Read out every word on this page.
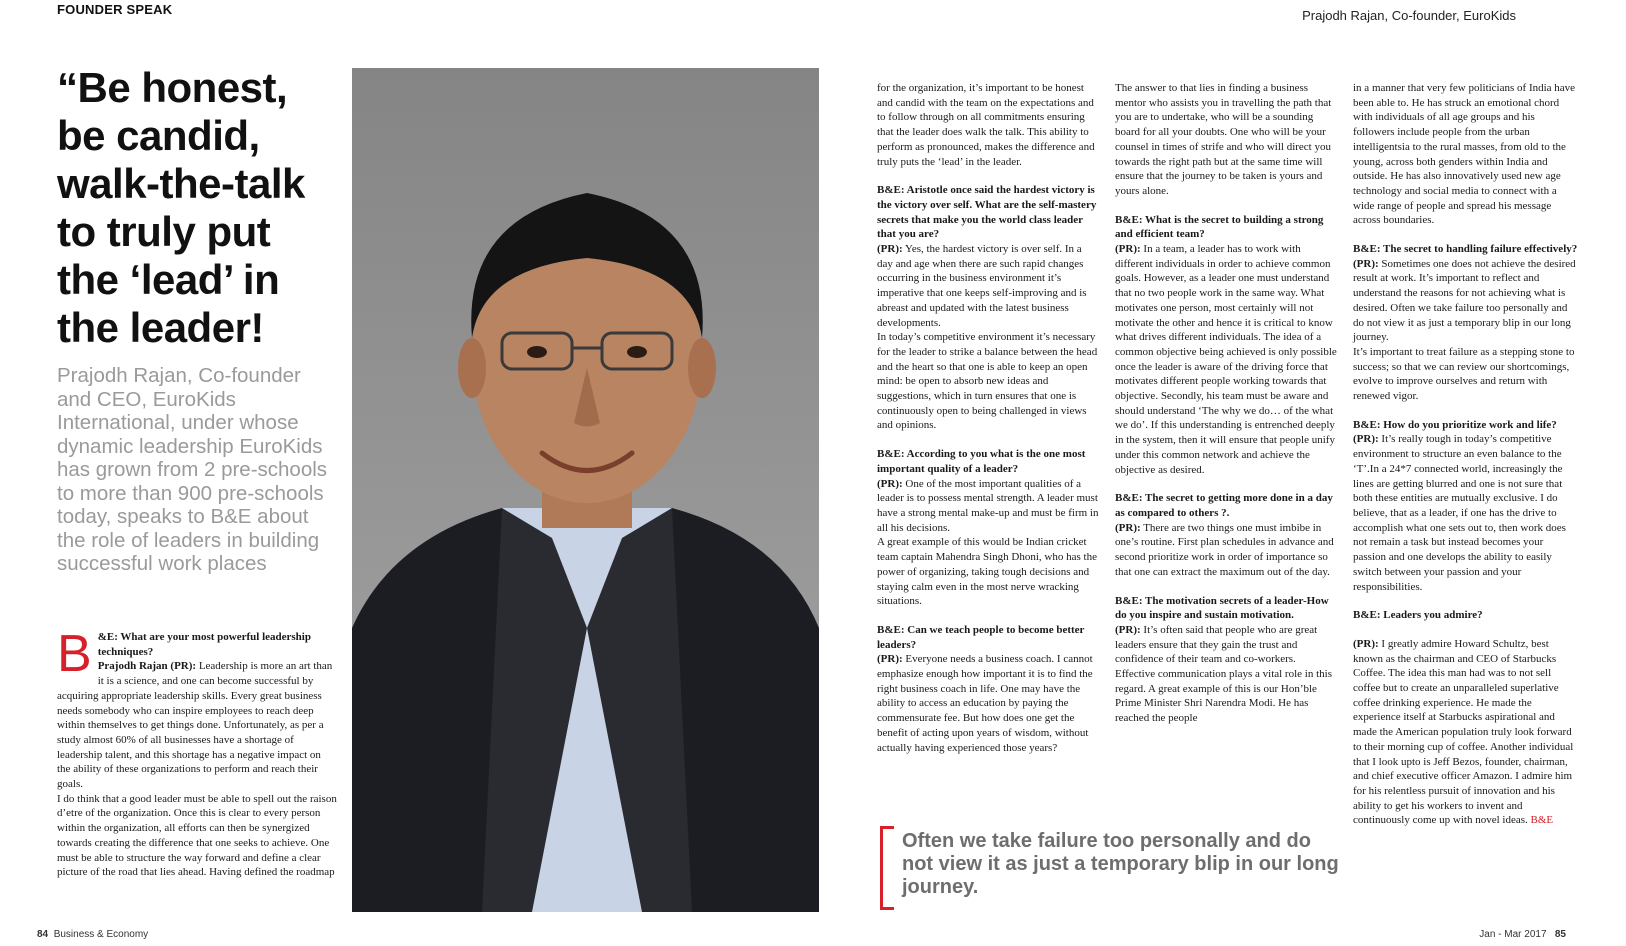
FOUNDER SPEAK	Prajodh Rajan, Co-founder, EuroKids
“Be honest, be candid, walk-the-talk to truly put the ‘lead’ in the leader!
Prajodh Rajan, Co-founder and CEO, EuroKids International, under whose dynamic leadership EuroKids has grown from 2 pre-schools to more than 900 pre-schools today, speaks to B&E about the role of leaders in building successful work places

B &E: What are your most powerful leadership techniques?
Prajodh Rajan (PR): Leadership is more an art than it is a science, and one can become successful by acquiring appropriate leadership skills. Every great business needs somebody who can inspire employees to reach deep within themselves to get things done. Unfortunately, as per a study almost 60% of all businesses have a shortage of leadership talent, and this shortage has a negative impact on the ability of these organizations to perform and reach their goals.

I do think that a good leader must be able to spell out the raison d’etre of the organization. Once this is clear to every person within the organization, all efforts can then be synergized towards creating the difference that one seeks to achieve. One must be able to structure the way forward and define a clear picture of the road that lies ahead. Having defined the roadmap

for the organization, it’s important to be honest and candid with the team on the expectations and to follow through on all commitments ensuring that the leader does walk the talk. This ability to perform as pronounced, makes the difference and truly puts the ‘lead’ in the leader.

B&E: Aristotle once said the hardest victory is the victory over self. What are the self-mastery secrets that make you the world class leader that you are?

(PR): Yes, the hardest victory is over self. In a day and age when there are such rapid changes occurring in the business environment it’s imperative that one keeps self-improving and is abreast and updated with the latest business developments.

In today’s competitive environment it’s necessary for the leader to strike a balance between the head and the heart so that one is able to keep an open mind: be open to absorb new ideas and suggestions, which in turn ensures that one is continuously open to being challenged in views and opinions.

B&E: According to you what is the one most important quality of a leader?

(PR): One of the most important qualities of a leader is to possess mental strength. A leader must have a strong mental make-up and must be firm in all his decisions.

A great example of this would be Indian cricket team captain Mahendra Singh Dhoni, who has the power of organizing, taking tough decisions and staying calm even in the most nerve wracking situations.

B&E: Can we teach people to become better leaders?

(PR): Everyone needs a business coach. I cannot emphasize enough how important it is to find the right business coach in life. One may have the ability to access an education by paying the commensurate fee. But how does one get the benefit of acting upon years of wisdom, without actually having experienced those years?

The answer to that lies in finding a business mentor who assists you in travelling the path that you are to undertake, who will be a sounding board for all your doubts. One who will be your counsel in times of strife and who will direct you towards the right path but at the same time will ensure that the journey to be taken is yours and yours alone.

B&E: What is the secret to building a strong and efficient team?

(PR): In a team, a leader has to work with different individuals in order to achieve common goals. However, as a leader one must understand that no two people work in the same way. What motivates one person, most certainly will not motivate the other and hence it is critical to know what drives different individuals. The idea of a common objective being achieved is only possible once the leader is aware of the driving force that motivates different people working towards that objective. Secondly, his team must be aware and should understand ‘The why we do… of the what we do’. If this understanding is entrenched deeply in the system, then it will ensure that people unify under this common network and achieve the objective as desired.

B&E: The secret to getting more done in a day as compared to others ?.

(PR): There are two things one must imbibe in one’s routine. First plan schedules in advance and second prioritize work in order of importance so that one can extract the maximum out of the day.

B&E: The motivation secrets of a leader-How do you inspire and sustain motivation.

(PR): It’s often said that people who are great leaders ensure that they gain the trust and confidence of their team and co-workers. Effective communication plays a vital role in this regard. A great example of this is our Hon’ble Prime Minister Shri Narendra Modi. He has reached the people

in a manner that very few politicians of India have been able to. He has struck an emotional chord with individuals of all age groups and his followers include people from the urban intelligentsia to the rural masses, from old to the young, across both genders within India and outside. He has also innovatively used new age technology and social media to connect with a wide range of people and spread his message across boundaries.

B&E: The secret to handling failure effectively?

(PR): Sometimes one does not achieve the desired result at work. It’s important to reflect and understand the reasons for not achieving what is desired. Often we take failure too personally and do not view it as just a temporary blip in our long journey.

It’s important to treat failure as a stepping stone to success; so that we can review our shortcomings, evolve to improve ourselves and return with renewed vigor.

B&E: How do you prioritize work and life?

(PR): It’s really tough in today’s competitive environment to structure an even balance to the ‘T’.In a 24*7 connected world, increasingly the lines are getting blurred and one is not sure that both these entities are mutually exclusive. I do believe, that as a leader, if one has the drive to accomplish what one sets out to, then work does not remain a task but instead becomes your passion and one develops the ability to easily switch between your passion and your responsibilities.

B&E: Leaders you admire?

(PR): I greatly admire Howard Schultz, best known as the chairman and CEO of Starbucks Coffee. The idea this man had was to not sell coffee but to create an unparalleled superlative coffee drinking experience. He made the experience itself at Starbucks aspirational and made the American population truly look forward to their morning cup of coffee. Another individual that I look upto is Jeff Bezos, founder, chairman, and chief executive officer Amazon. I admire him for his relentless pursuit of innovation and his ability to get his workers to invent and continuously come up with novel ideas. B&E

Often we take failure too personally and do not view it as just a temporary blip in our long journey.
84 Business & Economy	Jan - Mar 2017 85
